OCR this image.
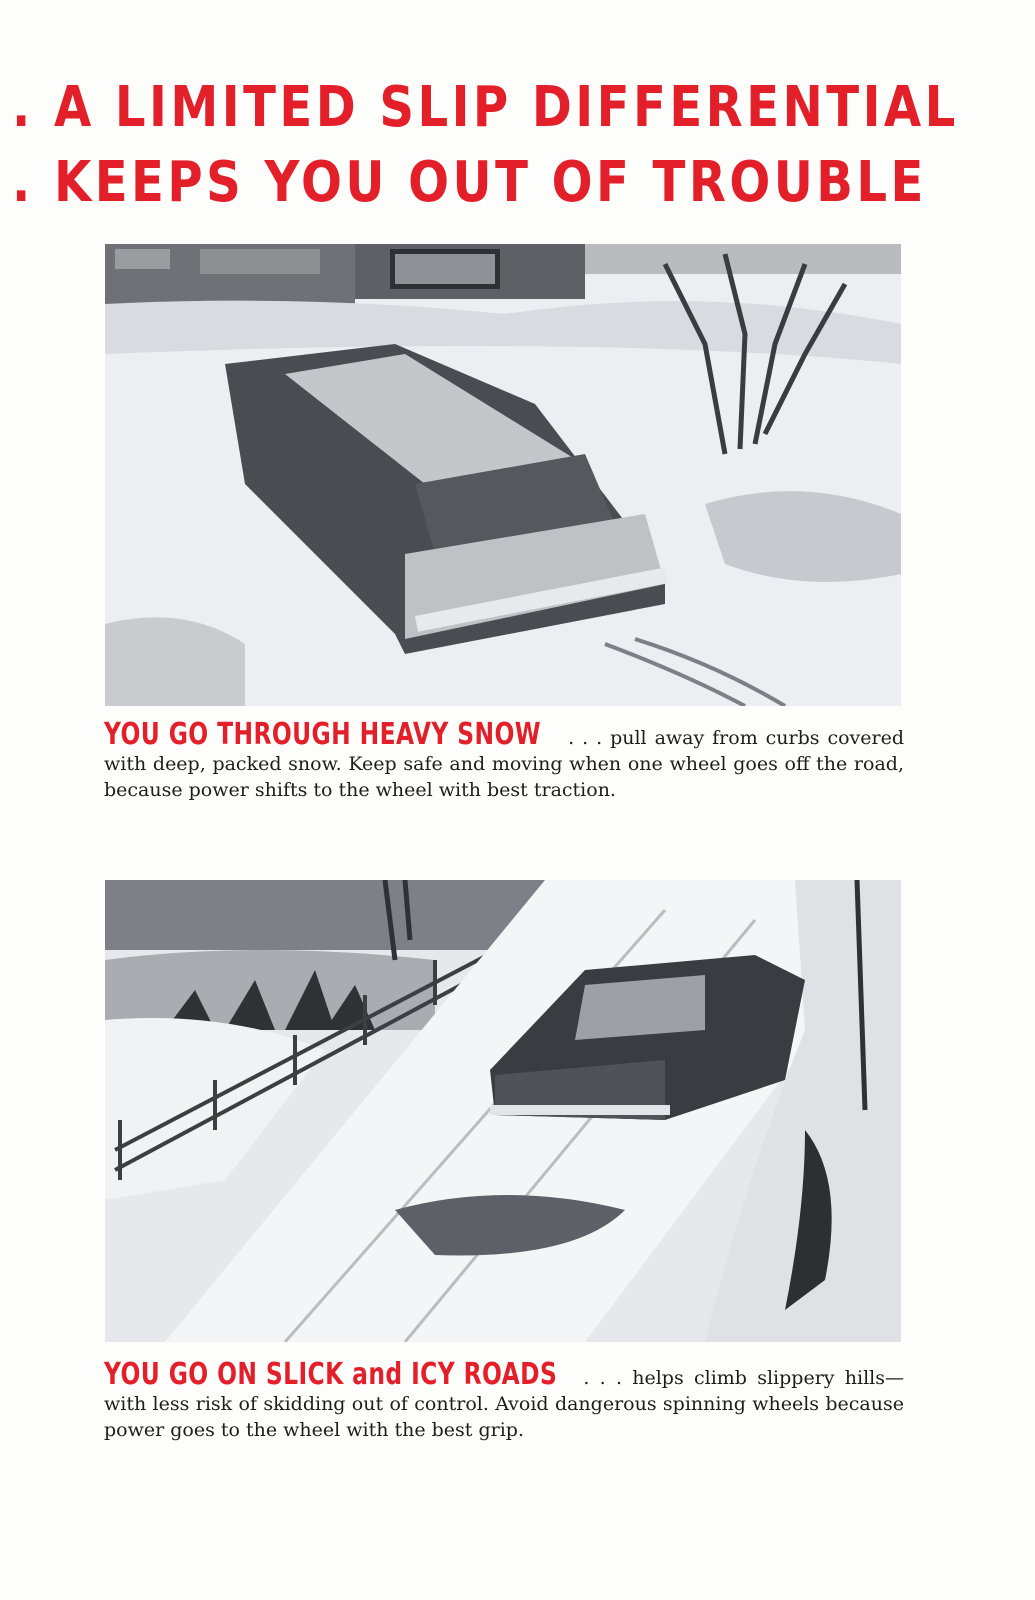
. A LIMITED SLIP DIFFERENTIAL
. KEEPS YOU OUT OF TROUBLE
YOU GO THROUGH HEAVY SNOW . . . pull away from curbs covered with deep, packed snow. Keep safe and moving when one wheel goes off the road, because power shifts to the wheel with best traction.
YOU GO ON SLICK and ICY ROADS . . . helps climb slippery hills—with less risk of skidding out of control. Avoid dangerous spinning wheels because power goes to the wheel with the best grip.
